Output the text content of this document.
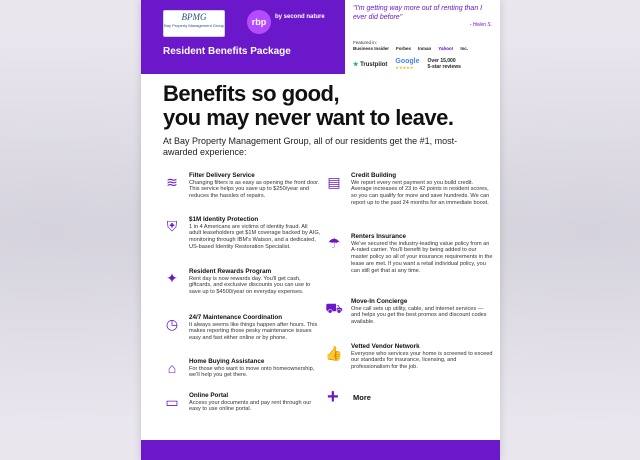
BPMG
Bay Property Management Group	rbp	by second nature
Resident Benefits Package
"I'm getting way more out of renting than I ever did before"
- Helen S.
Featured in:
Business Insider Forbes Inman Yahoo! Inc.
★ Trustpilot Google
★★★★★
Over 15,000
5-star reviews
Benefits so good,
you may never want to leave.
At Bay Property Management Group, all of our residents get the #1, most-awarded experience:
≋	Filter Delivery Service
Changing filters is as easy as opening the front door. This service helps you save up to $250/year and reduces the hassles of repairs.
⛨	$1M Identity Protection
1 in 4 Americans are victims of identity fraud. All adult leaseholders get $1M coverage backed by AIG, monitoring through IBM's Watson, and a dedicated, US-based Identity Restoration Specialist.
✦	Resident Rewards Program
Rent day is now rewards day. You'll get cash, giftcards, and exclusive discounts you can use to save up to $4500/year on everyday expenses.
◷	24/7 Maintenance Coordination
It always seems like things happen after hours. This makes reporting those pesky maintenance issues easy and fast either online or by phone.
⌂	Home Buying Assistance
For those who want to move onto homeownership, we'll help you get there.
▭	Online Portal
Access your documents and pay rent through our easy to use online portal.
▤	Credit Building
We report every rent payment so you build credit. Average increases of 23 to 42 points in resident scores, so you can qualify for more and save hundreds. We can report up to the past 24 months for an immediate boost.
☂	Renters Insurance
We've secured the industry-leading value policy from an A-rated carrier. You'll benefit by being added to our master policy so all of your insurance requirements in the lease are met. If you want a retail individual policy, you can still get that at any time.
⛟ Move-In Concierge
One call sets up utility, cable, and internet services — and helps you get the best promos and discount codes available.
👍 Vetted Vendor Network
Everyone who services your home is screened to exceed our standards for insurance, licensing, and professionalism for the job.
+ More
